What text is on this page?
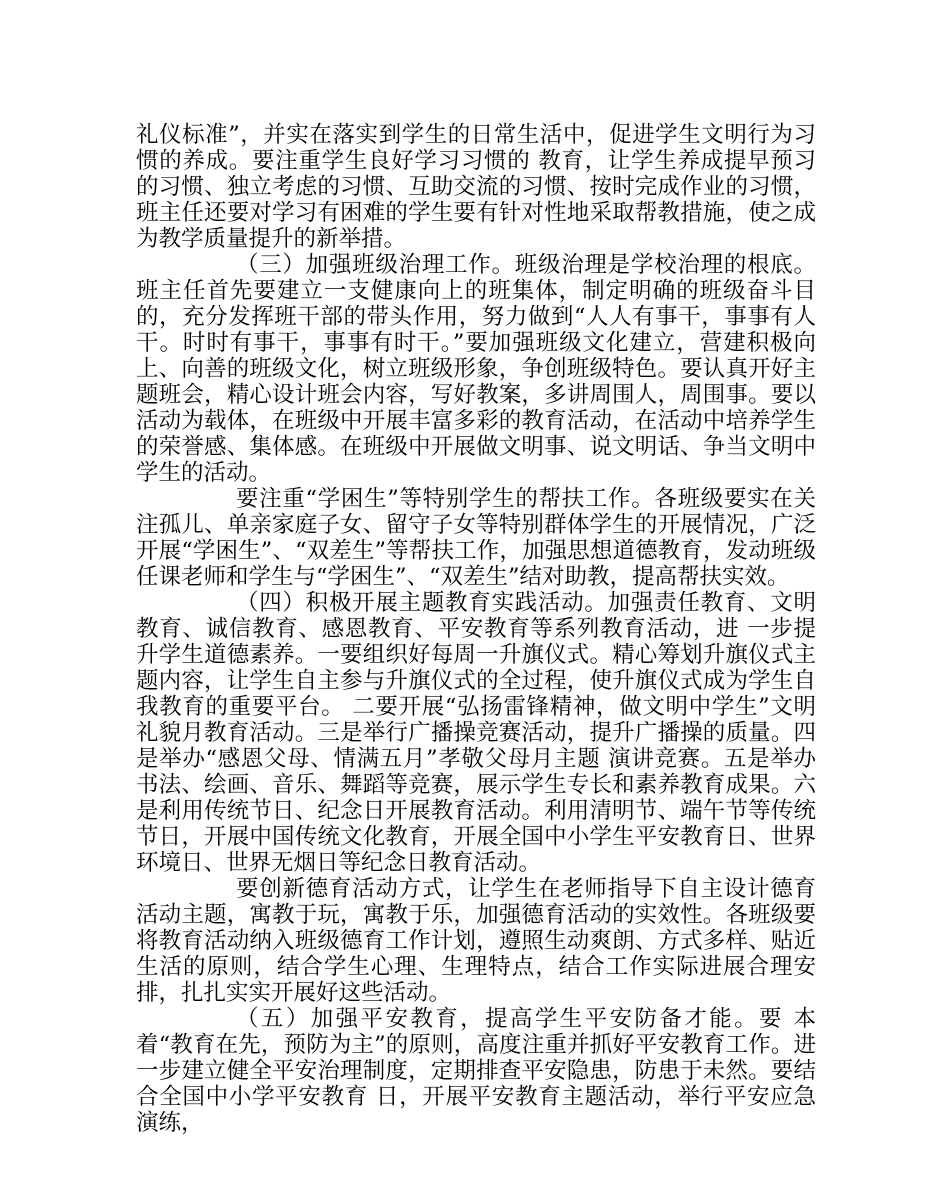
礼仪标准”，并实在落实到学生的日常生活中，促进学生文明行为习惯的养成。要注重学生良好学习习惯的 教育，让学生养成提早预习的习惯、独立考虑的习惯、互助交流的习惯、按时完成作业的习惯，班主任还要对学习有困难的学生要有针对性地采取帮教措施，使之成 为教学质量提升的新举措。

（三）加强班级治理工作。班级治理是学校治理的根底。班主任首先要建立一支健康向上的班集体，制定明确的班级奋斗目的，充分发挥班干部的带头作用，努力做到“人人有事干，事事有人干。时时有事干，事事有时干。”要加强班级文化建立，营建积极向上、向善的班级文化，树立班级形象，争创班级特色。要认真开好主题班会，精心设计班会内容，写好教案，多讲周围人，周围事。要以活动为载体，在班级中开展丰富多彩的教育活动，在活动中培养学生的荣誉感、集体感。在班级中开展做文明事、说文明话、争当文明中学生的活动。

要注重“学困生”等特别学生的帮扶工作。各班级要实在关注孤儿、单亲家庭子女、留守子女等特别群体学生的开展情况，广泛开展“学困生”、“双差生”等帮扶工作，加强思想道德教育，发动班级任课老师和学生与“学困生”、“双差生”结对助教，提高帮扶实效。

（四）积极开展主题教育实践活动。加强责任教育、文明教育、诚信教育、感恩教育、平安教育等系列教育活动，进 一步提升学生道德素养。一要组织好每周一升旗仪式。精心筹划升旗仪式主题内容，让学生自主参与升旗仪式的全过程，使升旗仪式成为学生自我教育的重要平台。 二要开展“弘扬雷锋精神，做文明中学生”文明礼貌月教育活动。三是举行广播操竞赛活动，提升广播操的质量。四是举办“感恩父母、情满五月”孝敬父母月主题 演讲竞赛。五是举办书法、绘画、音乐、舞蹈等竞赛，展示学生专长和素养教育成果。六是利用传统节日、纪念日开展教育活动。利用清明节、端午节等传统节日，开展中国传统文化教育，开展全国中小学生平安教育日、世界环境日、世界无烟日等纪念日教育活动。

要创新德育活动方式，让学生在老师指导下自主设计德育活动主题，寓教于玩，寓教于乐，加强德育活动的实效性。各班级要将教育活动纳入班级德育工作计划，遵照生动爽朗、方式多样、贴近生活的原则，结合学生心理、生理特点，结合工作实际进展合理安排，扎扎实实开展好这些活动。

（五）加强平安教育，提高学生平安防备才能。要 本着“教育在先，预防为主”的原则，高度注重并抓好平安教育工作。进一步建立健全平安治理制度，定期排查平安隐患，防患于未然。要结合全国中小学平安教育 日，开展平安教育主题活动，举行平安应急演练，
